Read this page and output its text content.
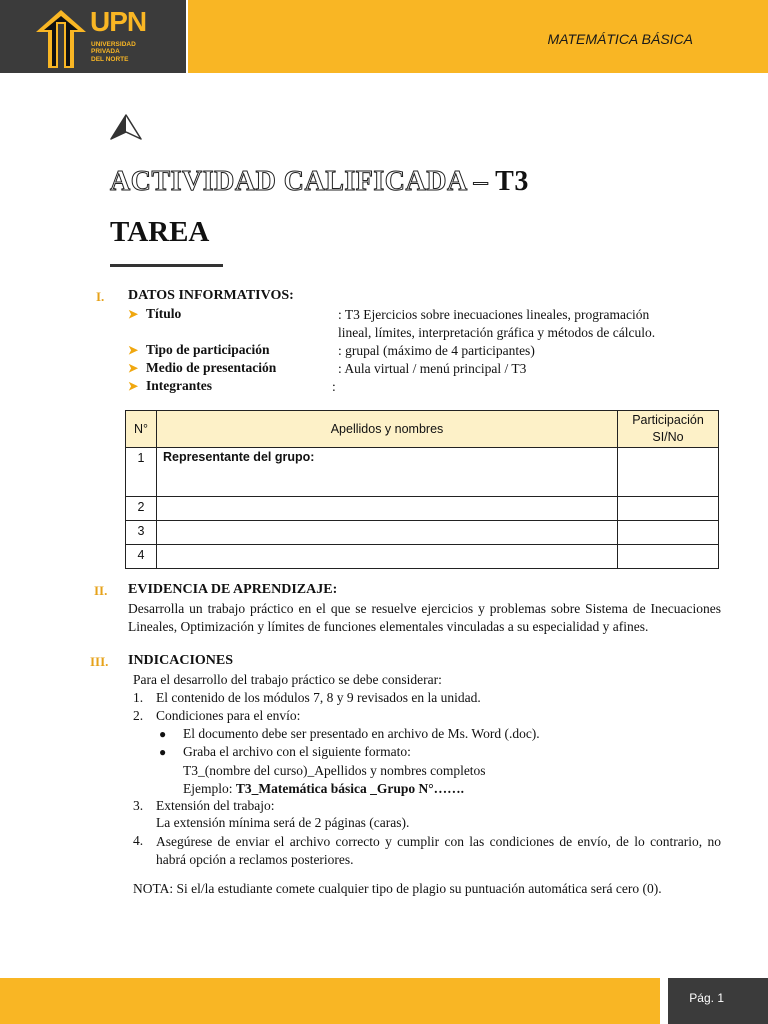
UPN
UNIVERSIDAD
PRIVADA
DEL NORTE
MATEMÁTICA BÁSICA
ACTIVIDAD CALIFICADA – T3
TAREA
I. DATOS INFORMATIVOS:
➤ Título	: T3 Ejercicios sobre inecuaciones lineales, programación
lineal, límites, interpretación gráfica y métodos de cálculo.
➤ Tipo de participación	: grupal (máximo de 4 participantes)
➤ Medio de presentación	: Aula virtual / menú principal / T3
➤ Integrantes	:
N°	Apellidos y nombres	Participación
SI/No

1	Representante del grupo:	
2		
3		
4		
II. EVIDENCIA DE APRENDIZAJE:
Desarrolla un trabajo práctico en el que se resuelve ejercicios y problemas sobre Sistema de Inecuaciones Lineales, Optimización y límites de funciones elementales vinculadas a su especialidad y afines.
III. INDICACIONES
Para el desarrollo del trabajo práctico se debe considerar:
1. El contenido de los módulos 7, 8 y 9 revisados en la unidad.
2. Condiciones para el envío:
● El documento debe ser presentado en archivo de Ms. Word (.doc).
● Graba el archivo con el siguiente formato:
T3_(nombre del curso)_Apellidos y nombres completos
Ejemplo: T3_Matemática básica _Grupo N°…….
3. Extensión del trabajo:
La extensión mínima será de 2 páginas (caras).
4. Asegúrese de enviar el archivo correcto y cumplir con las condiciones de envío, de lo contrario, no habrá opción a reclamos posteriores.
NOTA: Si el/la estudiante comete cualquier tipo de plagio su puntuación automática será cero (0).
Pág. 1
